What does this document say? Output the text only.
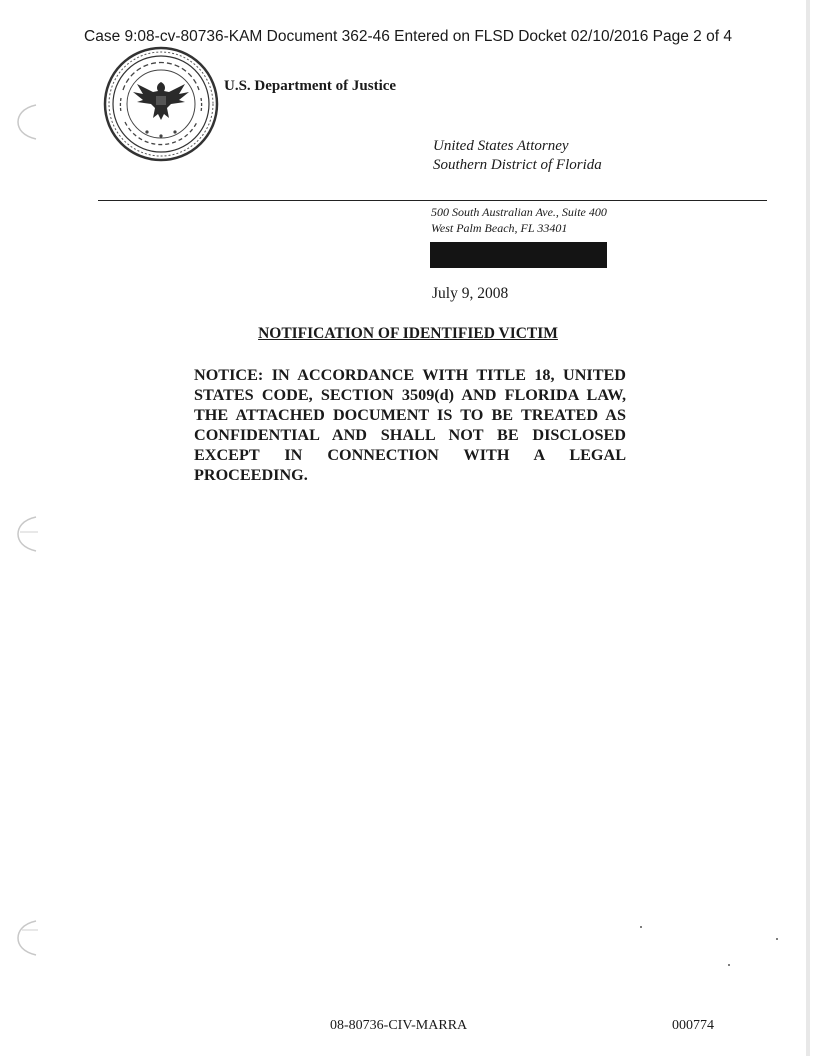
Case 9:08-cv-80736-KAM Document 362-46 Entered on FLSD Docket 02/10/2016 Page 2 of 4
U.S. Department of Justice
United States Attorney
Southern District of Florida
500 South Australian Ave., Suite 400
West Palm Beach, FL 33401
July 9, 2008
NOTIFICATION OF IDENTIFIED VICTIM
NOTICE: IN ACCORDANCE WITH TITLE 18, UNITED STATES CODE, SECTION 3509(d) AND FLORIDA LAW, THE ATTACHED DOCUMENT IS TO BE TREATED AS CONFIDENTIAL AND SHALL NOT BE DISCLOSED EXCEPT IN CONNECTION WITH A LEGAL PROCEEDING.
08-80736-CIV-MARRA	000774
